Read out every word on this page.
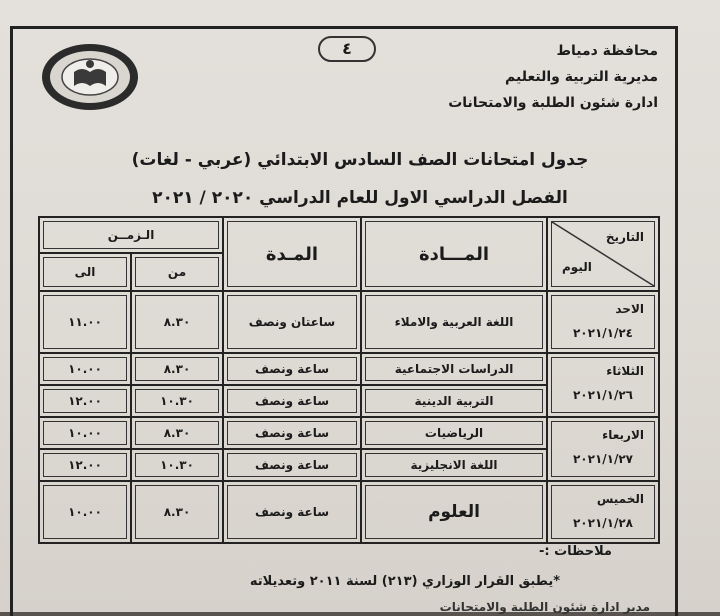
٤	محافظة دمياط
مديرية التربية والتعليم
ادارة شئون الطلبة والامتحانات
جدول امتحانات الصف السادس الابتدائي (عربي - لغات)
الفصل الدراسي الاول للعام الدراسي ٢٠٢٠ / ٢٠٢١
التاريخ
اليوم	المـــادة	المـدة	الـزمــن	

من	الى

الاحد
٢٠٢١/١/٢٤	اللغة العربية والاملاء	ساعتان ونصف	٨.٣٠	١١.٠٠

الثلاثاء
٢٠٢١/١/٢٦	الدراسات الاجتماعية	ساعة ونصف	٨.٣٠	١٠.٠٠

التربية الدينية	ساعة ونصف	١٠.٣٠	١٢.٠٠

الاربعاء
٢٠٢١/١/٢٧	الرياضيات	ساعة ونصف	٨.٣٠	١٠.٠٠

اللغة الانجليزية	ساعة ونصف	١٠.٣٠	١٢.٠٠

الخميس
٢٠٢١/١/٢٨	العلوم	ساعة ونصف	٨.٣٠	١٠.٠٠
ملاحظات :-
*يطبق القرار الوزاري (٢١٣) لسنة ٢٠١١ وتعديلاته
مدير ادارة شئون الطلبة والامتحانات
